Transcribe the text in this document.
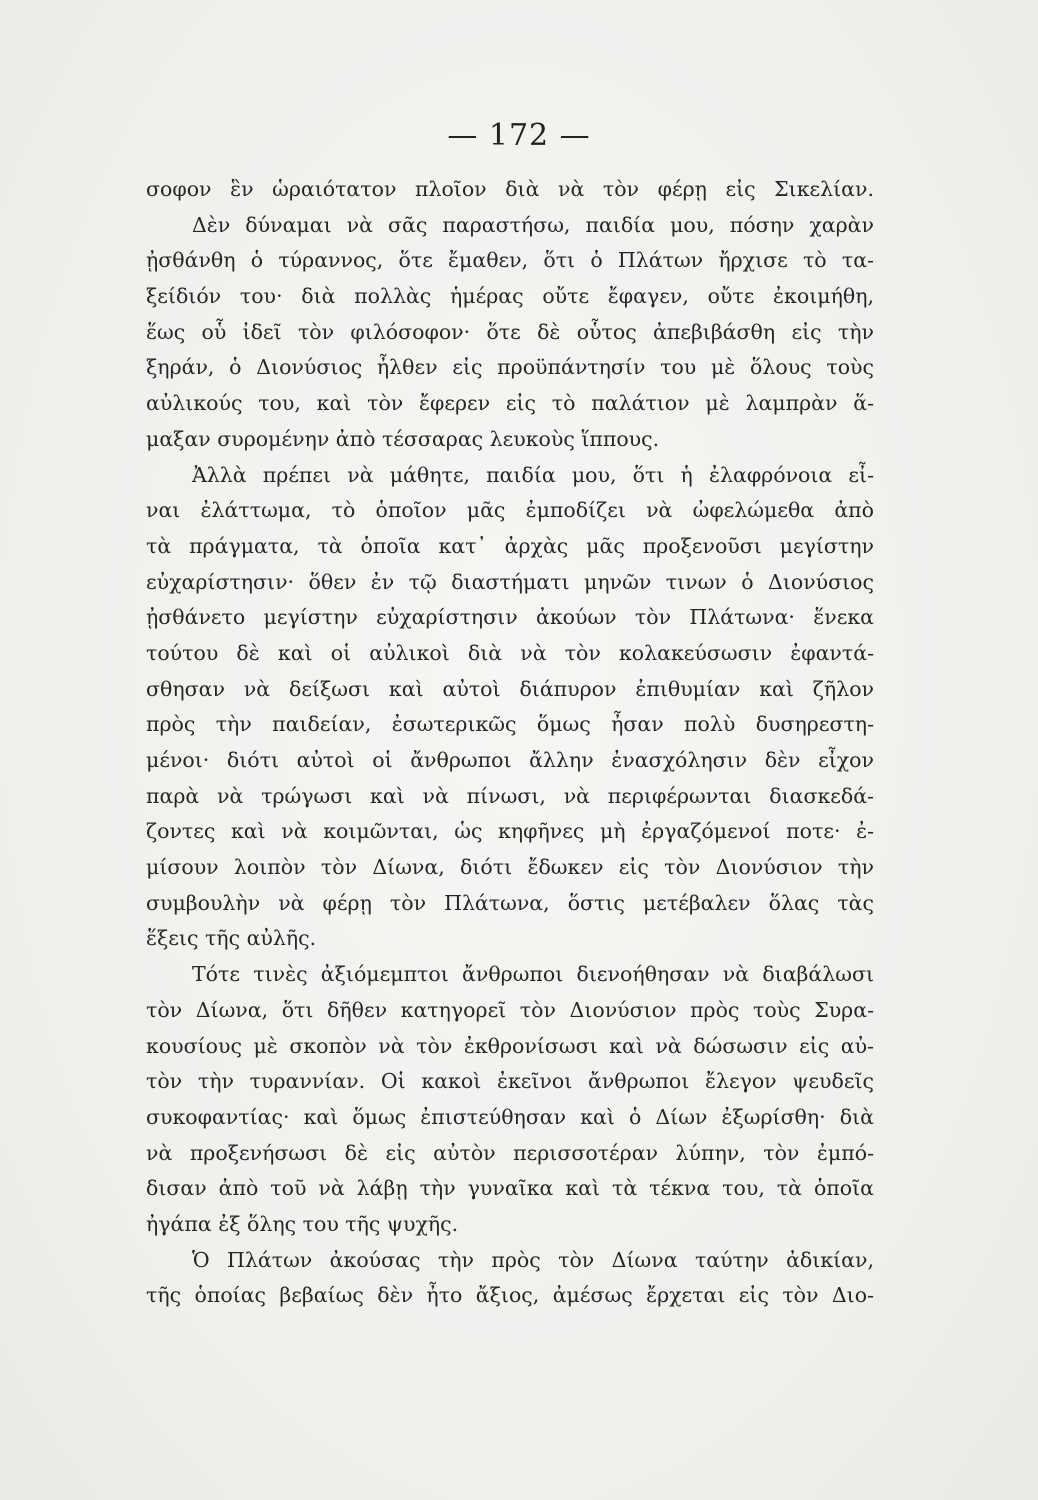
— 172 —
σοφον ἓν ὡραιότατον πλοῖον διὰ νὰ τὸν φέρῃ εἰς Σικελίαν.
Δὲν δύναμαι νὰ σᾶς παραστήσω, παιδία μου, πόσην χαρὰν
ᾐσθάνθη ὁ τύραννος, ὅτε ἔμαθεν, ὅτι ὁ Πλάτων ἤρχισε τὸ τα-
ξείδιόν του· διὰ πολλὰς ἡμέρας οὔτε ἔφαγεν, οὔτε ἐκοιμήθη,
ἕως οὗ ἰδεῖ τὸν φιλόσοφον· ὅτε δὲ οὗτος ἀπεβιβάσθη εἰς τὴν
ξηράν, ὁ Διονύσιος ἦλθεν εἰς προϋπάντησίν του μὲ ὅλους τοὺς
αὐλικούς του, καὶ τὸν ἔφερεν εἰς τὸ παλάτιον μὲ λαμπρὰν ἅ-
μαξαν συρομένην ἀπὸ τέσσαρας λευκοὺς ἵππους.
Ἀλλὰ πρέπει νὰ μάθητε, παιδία μου, ὅτι ἡ ἐλαφρόνοια εἶ-
ναι ἐλάττωμα, τὸ ὁποῖον μᾶς ἐμποδίζει νὰ ὠφελώμεθα ἀπὸ
τὰ πράγματα, τὰ ὁποῖα κατ᾽ ἀρχὰς μᾶς προξενοῦσι μεγίστην
εὐχαρίστησιν· ὅθεν ἐν τῷ διαστήματι μηνῶν τινων ὁ Διονύσιος
ᾐσθάνετο μεγίστην εὐχαρίστησιν ἀκούων τὸν Πλάτωνα· ἕνεκα
τούτου δὲ καὶ οἱ αὐλικοὶ διὰ νὰ τὸν κολακεύσωσιν ἐφαντά-
σθησαν νὰ δείξωσι καὶ αὐτοὶ διάπυρον ἐπιθυμίαν καὶ ζῆλον
πρὸς τὴν παιδείαν, ἐσωτερικῶς ὅμως ἦσαν πολὺ δυσηρεστη-
μένοι· διότι αὐτοὶ οἱ ἄνθρωποι ἄλλην ἐνασχόλησιν δὲν εἶχον
παρὰ νὰ τρώγωσι καὶ νὰ πίνωσι, νὰ περιφέρωνται διασκεδά-
ζοντες καὶ νὰ κοιμῶνται, ὡς κηφῆνες μὴ ἐργαζόμενοί ποτε· ἐ-
μίσουν λοιπὸν τὸν Δίωνα, διότι ἔδωκεν εἰς τὸν Διονύσιον τὴν
συμβουλὴν νὰ φέρῃ τὸν Πλάτωνα, ὅστις μετέβαλεν ὅλας τὰς
ἕξεις τῆς αὐλῆς.
Τότε τινὲς ἀξιόμεμπτοι ἄνθρωποι διενοήθησαν νὰ διαβάλωσι
τὸν Δίωνα, ὅτι δῆθεν κατηγορεῖ τὸν Διονύσιον πρὸς τοὺς Συρα-
κουσίους μὲ σκοπὸν νὰ τὸν ἐκθρονίσωσι καὶ νὰ δώσωσιν εἰς αὐ-
τὸν τὴν τυραννίαν. Οἱ κακοὶ ἐκεῖνοι ἄνθρωποι ἔλεγον ψευδεῖς
συκοφαντίας· καὶ ὅμως ἐπιστεύθησαν καὶ ὁ Δίων ἐξωρίσθη· διὰ
νὰ προξενήσωσι δὲ εἰς αὐτὸν περισσοτέραν λύπην, τὸν ἐμπό-
δισαν ἀπὸ τοῦ νὰ λάβῃ τὴν γυναῖκα καὶ τὰ τέκνα του, τὰ ὁποῖα
ἠγάπα ἐξ ὅλης του τῆς ψυχῆς.
Ὁ Πλάτων ἀκούσας τὴν πρὸς τὸν Δίωνα ταύτην ἀδικίαν,
τῆς ὁποίας βεβαίως δὲν ἦτο ἄξιος, ἀμέσως ἔρχεται εἰς τὸν Διο-
